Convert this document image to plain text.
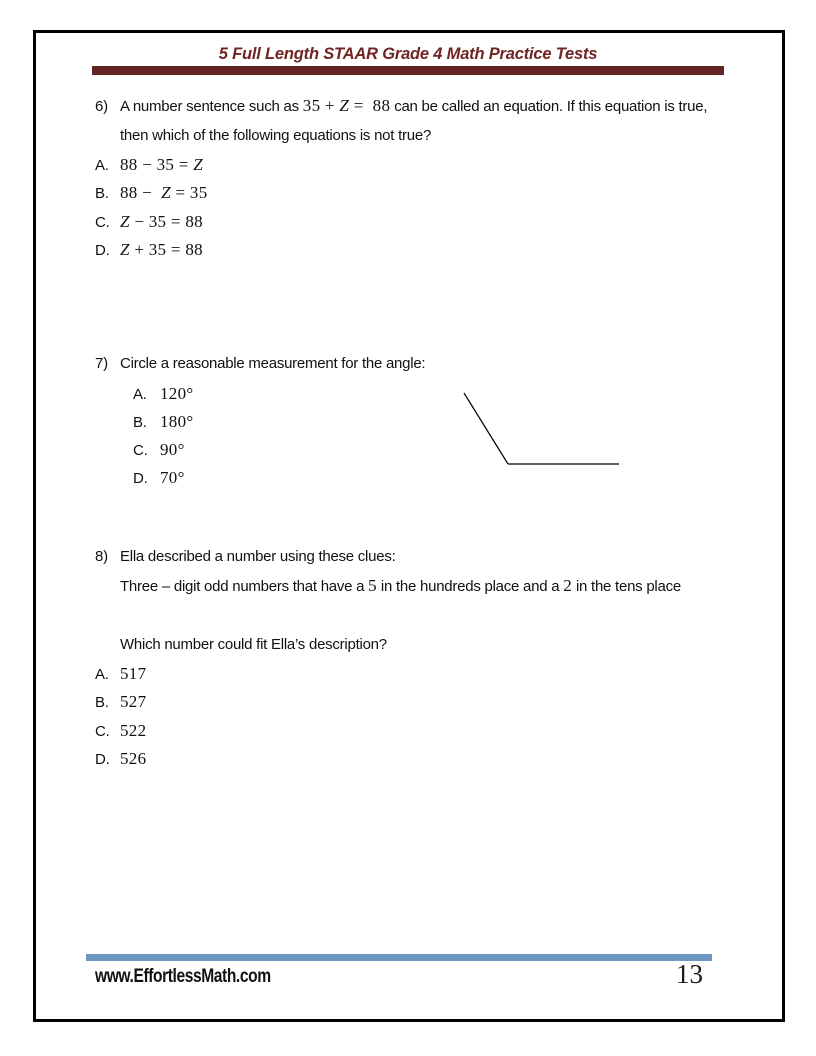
5 Full Length STAAR Grade 4 Math Practice Tests
6) A number sentence such as 35 + Z =  88 can be called an equation. If this equation is true,
then which of the following equations is not true?
A. 88 − 35 = Z
B. 88 −  Z = 35
C. Z − 35 = 88
D. Z + 35 = 88
7) Circle a reasonable measurement for the angle:
A. 120°
B. 180°
C. 90°
D. 70°
8) Ella described a number using these clues:
Three – digit odd numbers that have a 5 in the hundreds place and a 2 in the tens place
Which number could fit Ella’s description?
A. 517
B. 527
C. 522
D. 526
www.EffortlessMath.com	13
